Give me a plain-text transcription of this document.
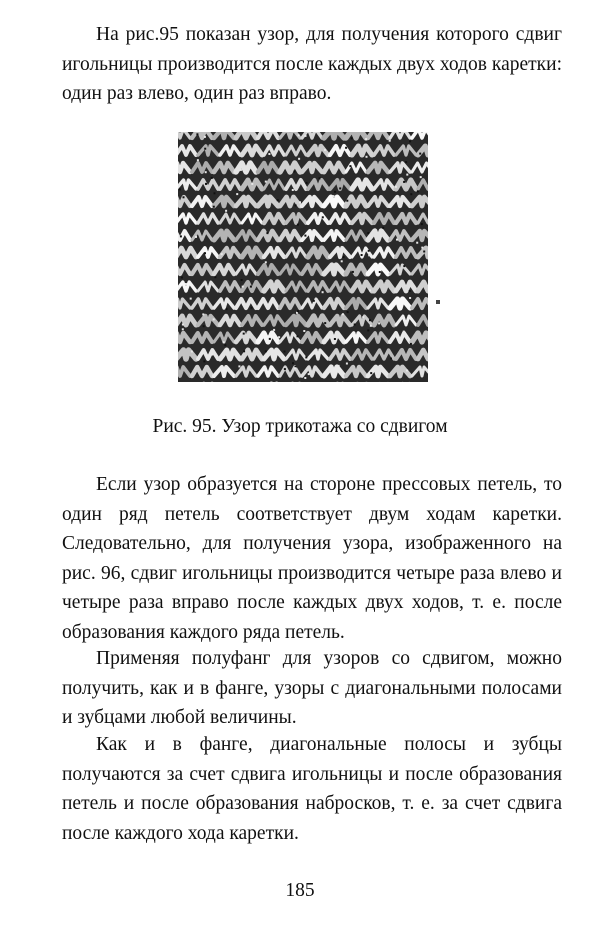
На рис.95 показан узор, для получения которого сдвиг игольницы производится после каждых двух ходов каретки: один раз влево, один раз вправо.

Рис. 95. Узор трикотажа со сдвигом

Если узор образуется на стороне прессовых петель, то один ряд петель соответствует двум ходам каретки. Следовательно, для получения узора, изображенного на рис. 96, сдвиг игольницы производится четыре раза влево и четыре раза вправо после каждых двух ходов, т. е. после образования каждого ряда петель.

Применяя полуфанг для узоров со сдвигом, можно получить, как и в фанге, узоры с диагональными полосами и зубцами любой величины.

Как и в фанге, диагональные полосы и зубцы получаются за счет сдвига игольницы и после образования петель и после образования набросков, т. е. за счет сдвига после каждого хода каретки.

185
